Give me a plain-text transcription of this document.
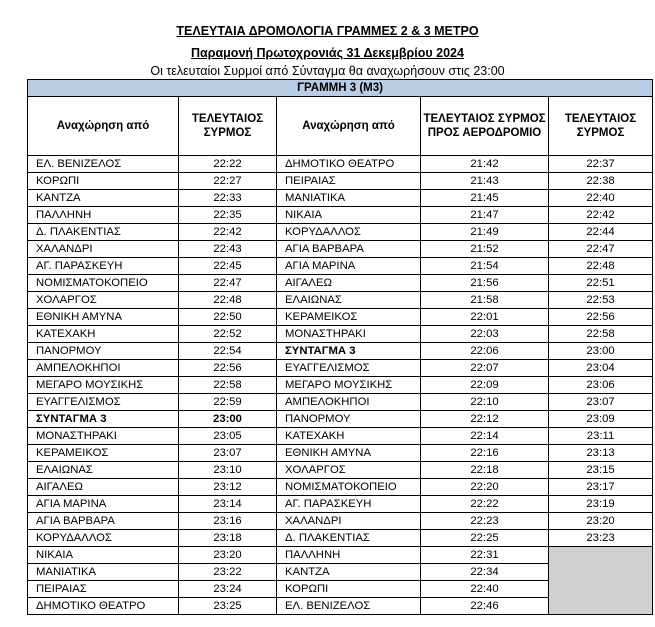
ΤΕΛΕΥΤΑΙΑ ΔΡΟΜΟΛΟΓΙΑ ΓΡΑΜΜΕΣ 2 & 3 ΜΕΤΡΟ
Παραμονή Πρωτοχρονιάς 31 Δεκεμβρίου 2024
Οι τελευταίοι Συρμοί από Σύνταγμα θα αναχωρήσουν στις 23:00
ΓΡΑΜΜΗ 3 (Μ3)				
Αναχώρηση από	ΤΕΛΕΥΤΑΙΟΣ ΣΥΡΜΟΣ	Αναχώρηση από	ΤΕΛΕΥΤΑΙΟΣ ΣΥΡΜΟΣ ΠΡΟΣ ΑΕΡΟΔΡΟΜΙΟ	ΤΕΛΕΥΤΑΙΟΣ ΣΥΡΜΟΣ
ΕΛ. ΒΕΝΙΖΕΛΟΣ	22:22	ΔΗΜΟΤΙΚΟ ΘΕΑΤΡΟ	21:42	22:37
ΚΟΡΩΠΙ	22:27	ΠΕΙΡΑΙΑΣ	21:43	22:38
ΚΑΝΤΖΑ	22:33	ΜΑΝΙΑΤΙΚΑ	21:45	22:40
ΠΑΛΛΗΝΗ	22:35	ΝΙΚΑΙΑ	21:47	22:42
Δ. ΠΛΑΚΕΝΤΙΑΣ	22:42	ΚΟΡΥΔΑΛΛΟΣ	21:49	22:44
ΧΑΛΑΝΔΡΙ	22:43	ΑΓΙΑ ΒΑΡΒΑΡΑ	21:52	22:47
ΑΓ. ΠΑΡΑΣΚΕΥΗ	22:45	ΑΓΙΑ ΜΑΡΙΝΑ	21:54	22:48
ΝΟΜΙΣΜΑΤΟΚΟΠΕΙΟ	22:47	ΑΙΓΑΛΕΩ	21:56	22:51
ΧΟΛΑΡΓΟΣ	22:48	ΕΛΑΙΩΝΑΣ	21:58	22:53
ΕΘΝΙΚΗ ΑΜΥΝΑ	22:50	ΚΕΡΑΜΕΙΚΟΣ	22:01	22:56
ΚΑΤΕΧΑΚΗ	22:52	ΜΟΝΑΣΤΗΡΑΚΙ	22:03	22:58
ΠΑΝΟΡΜΟΥ	22:54	ΣΥΝΤΑΓΜΑ 3	22:06	23:00
ΑΜΠΕΛΟΚΗΠΟΙ	22:56	ΕΥΑΓΓΕΛΙΣΜΟΣ	22:07	23:04
ΜΕΓΑΡΟ ΜΟΥΣΙΚΗΣ	22:58	ΜΕΓΑΡΟ ΜΟΥΣΙΚΗΣ	22:09	23:06
ΕΥΑΓΓΕΛΙΣΜΟΣ	22:59	ΑΜΠΕΛΟΚΗΠΟΙ	22:10	23:07
ΣΥΝΤΑΓΜΑ 3	23:00	ΠΑΝΟΡΜΟΥ	22:12	23:09
ΜΟΝΑΣΤΗΡΑΚΙ	23:05	ΚΑΤΕΧΑΚΗ	22:14	23:11
ΚΕΡΑΜΕΙΚΟΣ	23:07	ΕΘΝΙΚΗ ΑΜΥΝΑ	22:16	23:13
ΕΛΑΙΩΝΑΣ	23:10	ΧΟΛΑΡΓΟΣ	22:18	23:15
ΑΙΓΑΛΕΩ	23:12	ΝΟΜΙΣΜΑΤΟΚΟΠΕΙΟ	22:20	23:17
ΑΓΙΑ ΜΑΡΙΝΑ	23:14	ΑΓ. ΠΑΡΑΣΚΕΥΗ	22:22	23:19
ΑΓΙΑ ΒΑΡΒΑΡΑ	23:16	ΧΑΛΑΝΔΡΙ	22:23	23:20
ΚΟΡΥΔΑΛΛΟΣ	23:18	Δ. ΠΛΑΚΕΝΤΙΑΣ	22:25	23:23
ΝΙΚΑΙΑ	23:20	ΠΑΛΛΗΝΗ	22:31	
ΜΑΝΙΑΤΙΚΑ	23:22	ΚΑΝΤΖΑ	22:34	
ΠΕΙΡΑΙΑΣ	23:24	ΚΟΡΩΠΙ	22:40	
ΔΗΜΟΤΙΚΟ ΘΕΑΤΡΟ	23:25	ΕΛ. ΒΕΝΙΖΕΛΟΣ	22:46	
